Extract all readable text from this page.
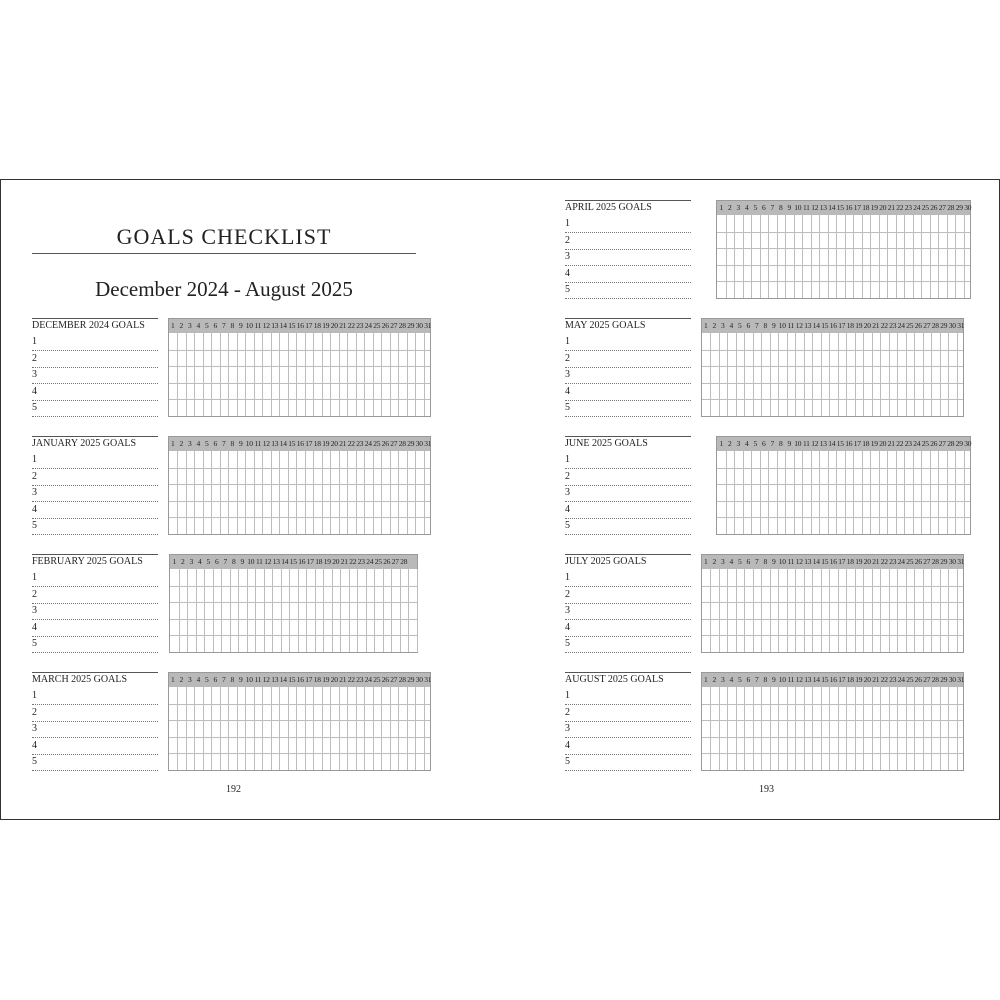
GOALS CHECKLIST
December 2024 - August 2025
DECEMBER 2024 GOALS
1
2
3
4
5
1 2 3 4 5 6 7 8 9 10 11 12 13 14 15 16 17 18 19 20 21 22 23 24 25 26 27 28 29 30 31
JANUARY 2025 GOALS
1
2
3
4
5
1 2 3 4 5 6 7 8 9 10 11 12 13 14 15 16 17 18 19 20 21 22 23 24 25 26 27 28 29 30 31
FEBRUARY 2025 GOALS
1
2
3
4
5
1 2 3 4 5 6 7 8 9 10 11 12 13 14 15 16 17 18 19 20 21 22 23 24 25 26 27 28
MARCH 2025 GOALS
1
2
3
4
5
1 2 3 4 5 6 7 8 9 10 11 12 13 14 15 16 17 18 19 20 21 22 23 24 25 26 27 28 29 30 31
APRIL 2025 GOALS
1
2
3
4
5
1 2 3 4 5 6 7 8 9 10 11 12 13 14 15 16 17 18 19 20 21 22 23 24 25 26 27 28 29 30
MAY 2025 GOALS
1
2
3
4
5
1 2 3 4 5 6 7 8 9 10 11 12 13 14 15 16 17 18 19 20 21 22 23 24 25 26 27 28 29 30 31
JUNE 2025 GOALS
1
2
3
4
5
1 2 3 4 5 6 7 8 9 10 11 12 13 14 15 16 17 18 19 20 21 22 23 24 25 26 27 28 29 30
JULY 2025 GOALS
1
2
3
4
5
1 2 3 4 5 6 7 8 9 10 11 12 13 14 15 16 17 18 19 20 21 22 23 24 25 26 27 28 29 30 31
AUGUST 2025 GOALS
1
2
3
4
5
1 2 3 4 5 6 7 8 9 10 11 12 13 14 15 16 17 18 19 20 21 22 23 24 25 26 27 28 29 30 31
192	193
